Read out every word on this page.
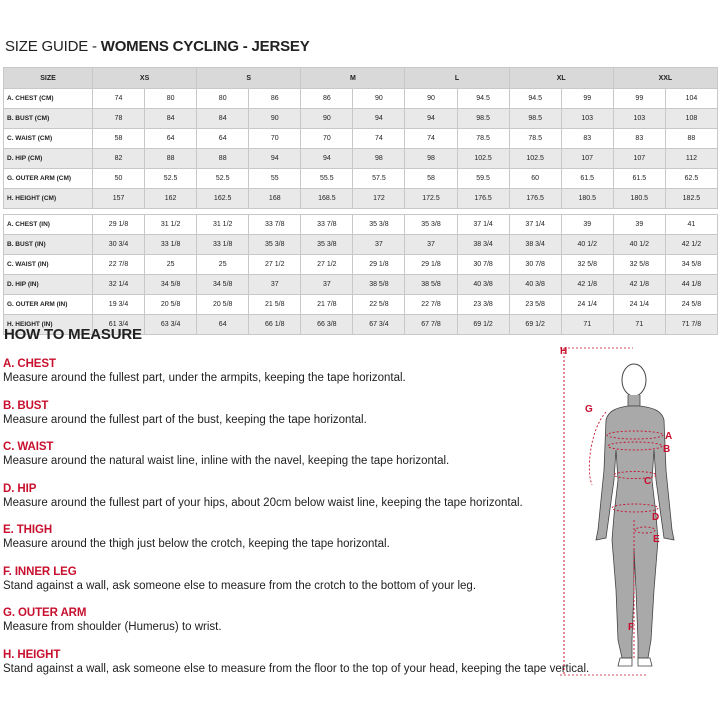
SIZE GUIDE - WOMENS CYCLING - JERSEY
SIZE	XS		S		M		L		XL		XXL	
A. CHEST (CM)	74	80	80	86	86	90	90	94.5	94.5	99	99	104
B. BUST (CM)	78	84	84	90	90	94	94	98.5	98.5	103	103	108
C. WAIST (CM)	58	64	64	70	70	74	74	78.5	78.5	83	83	88
D. HIP (CM)	82	88	88	94	94	98	98	102.5	102.5	107	107	112
G. OUTER ARM (CM)	50	52.5	52.5	55	55.5	57.5	58	59.5	60	61.5	61.5	62.5
H. HEIGHT (CM)	157	162	162.5	168	168.5	172	172.5	176.5	176.5	180.5	180.5	182.5

A. CHEST (IN)	29 1/8	31 1/2	31 1/2	33 7/8	33 7/8	35 3/8	35 3/8	37 1/4	37 1/4	39	39	41
B. BUST (IN)	30 3/4	33 1/8	33 1/8	35 3/8	35 3/8	37	37	38 3/4	38 3/4	40 1/2	40 1/2	42 1/2
C. WAIST (IN)	22 7/8	25	25	27 1/2	27 1/2	29 1/8	29 1/8	30 7/8	30 7/8	32 5/8	32 5/8	34 5/8
D. HIP (IN)	32 1/4	34 5/8	34 5/8	37	37	38 5/8	38 5/8	40 3/8	40 3/8	42 1/8	42 1/8	44 1/8
G. OUTER ARM (IN)	19 3/4	20 5/8	20 5/8	21 5/8	21 7/8	22 5/8	22 7/8	23 3/8	23 5/8	24 1/4	24 1/4	24 5/8
H. HEIGHT (IN)	61 3/4	63 3/4	64	66 1/8	66 3/8	67 3/4	67 7/8	69 1/2	69 1/2	71	71	71 7/8
HOW TO MEASURE
A. CHEST
Measure around the fullest part, under the armpits, keeping the tape horizontal.
B. BUST
Measure around the fullest part of the bust, keeping the tape horizontal.
C. WAIST
Measure around the natural waist line, inline with the navel, keeping the tape horizontal.
D. HIP
Measure around the fullest part of your hips, about 20cm below waist line, keeping the tape horizontal.
E. THIGH
Measure around the thigh just below the crotch, keeping the tape horizontal.
F. INNER LEG
Stand against a wall, ask someone else to measure from the crotch to the bottom of your leg.
G. OUTER ARM
Measure from shoulder (Humerus) to wrist.
H. HEIGHT
Stand against a wall, ask someone else to measure from the floor to the top of your head, keeping the tape vertical.
H
G
A
B
C
D
E
F
